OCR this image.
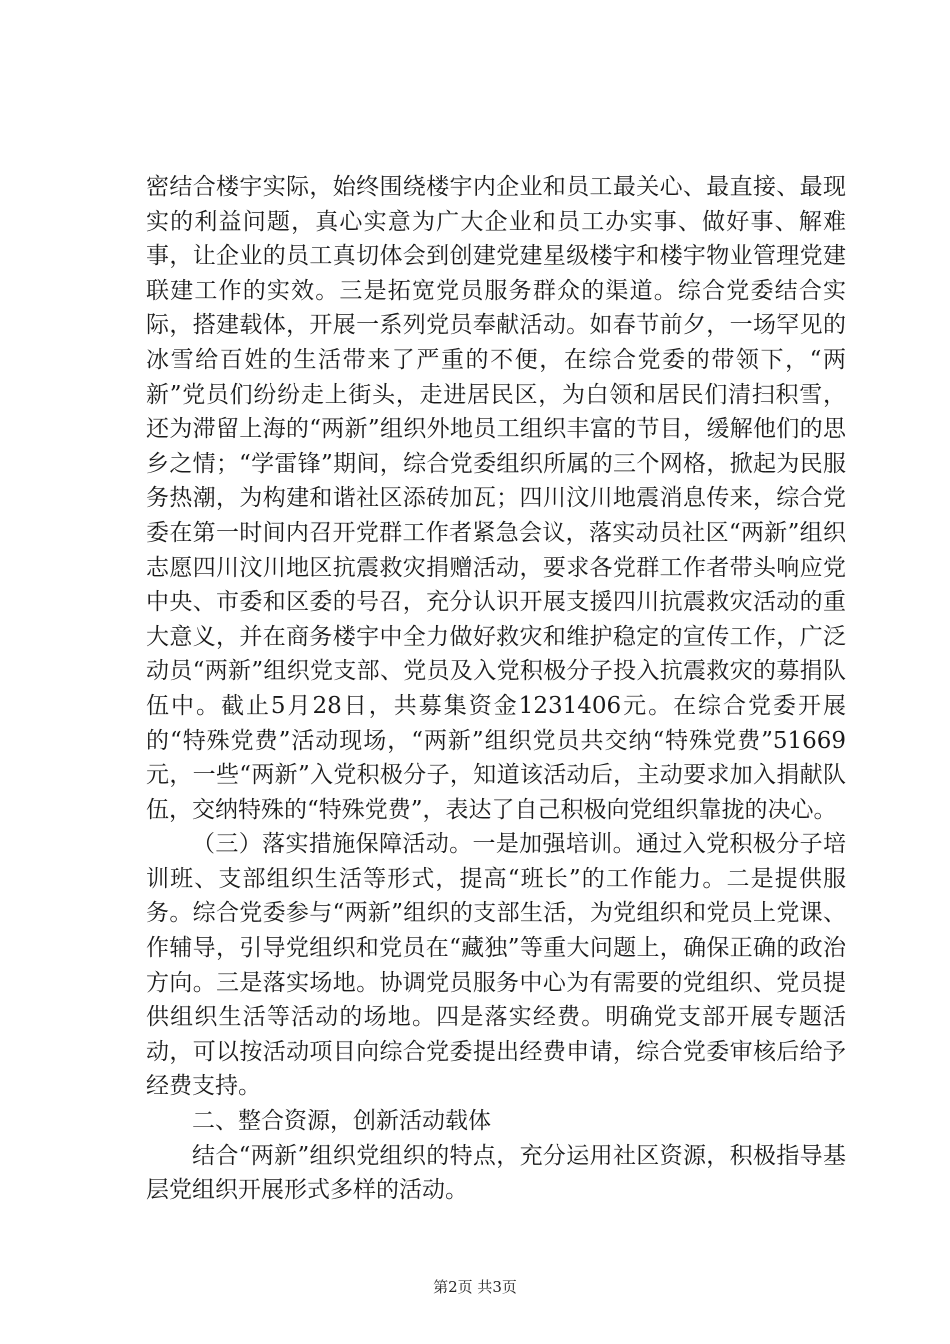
密结合楼宇实际，始终围绕楼宇内企业和员工最关心、最直接、最现实的利益问题，真心实意为广大企业和员工办实事、做好事、解难事，让企业的员工真切体会到创建党建星级楼宇和楼宇物业管理党建联建工作的实效。三是拓宽党员服务群众的渠道。综合党委结合实际，搭建载体，开展一系列党员奉献活动。如春节前夕，一场罕见的冰雪给百姓的生活带来了严重的不便，在综合党委的带领下，“两新”党员们纷纷走上街头，走进居民区，为白领和居民们清扫积雪，还为滞留上海的“两新”组织外地员工组织丰富的节目，缓解他们的思乡之情；“学雷锋”期间，综合党委组织所属的三个网格，掀起为民服务热潮，为构建和谐社区添砖加瓦；四川汶川地震消息传来，综合党委在第一时间内召开党群工作者紧急会议，落实动员社区“两新”组织志愿四川汶川地区抗震救灾捐赠活动，要求各党群工作者带头响应党中央、市委和区委的号召，充分认识开展支援四川抗震救灾活动的重大意义，并在商务楼宇中全力做好救灾和维护稳定的宣传工作，广泛动员“两新”组织党支部、党员及入党积极分子投入抗震救灾的募捐队伍中。截止5月28日，共募集资金1231406元。在综合党委开展的“特殊党费”活动现场，“两新”组织党员共交纳“特殊党费”51669元，一些“两新”入党积极分子，知道该活动后，主动要求加入捐献队伍，交纳特殊的“特殊党费”，表达了自己积极向党组织靠拢的决心。

（三）落实措施保障活动。一是加强培训。通过入党积极分子培训班、支部组织生活等形式，提高“班长”的工作能力。二是提供服务。综合党委参与“两新”组织的支部生活，为党组织和党员上党课、作辅导，引导党组织和党员在“藏独”等重大问题上，确保正确的政治方向。三是落实场地。协调党员服务中心为有需要的党组织、党员提供组织生活等活动的场地。四是落实经费。明确党支部开展专题活动，可以按活动项目向综合党委提出经费申请，综合党委审核后给予经费支持。

二、整合资源，创新活动载体

结合“两新”组织党组织的特点，充分运用社区资源，积极指导基层党组织开展形式多样的活动。

第2页 共3页
